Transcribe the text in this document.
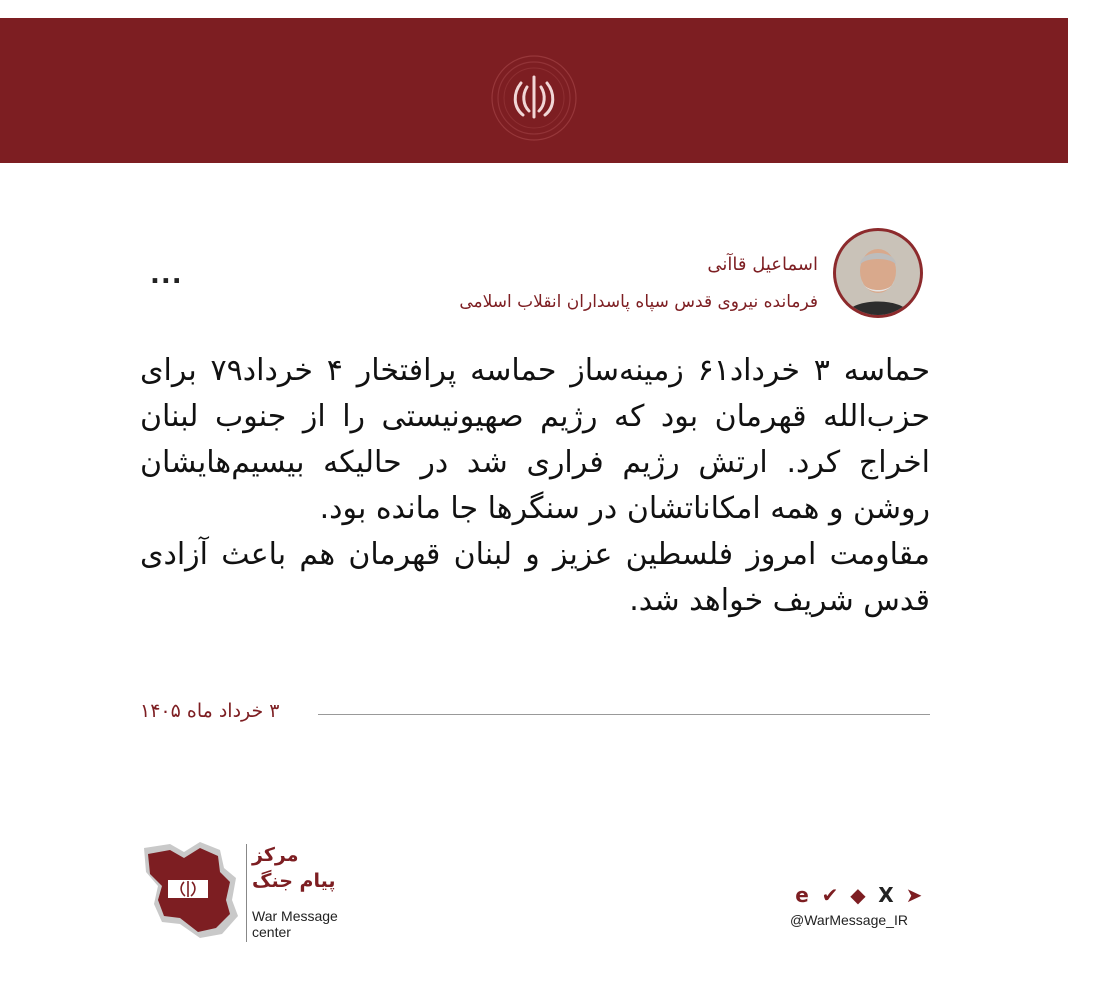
اسماعیل قاآنی
فرمانده نیروی قدس سپاه پاسداران انقلاب اسلامی
...

حماسه ۳ خرداد۶۱ زمینه‌ساز حماسه پرافتخار ۴ خرداد۷۹ برای حزب‌الله قهرمان بود که رژیم صهیونیستی را از جنوب لبنان اخراج کرد. ارتش رژیم فراری شد در حالیکه بیسیم‌هایشان روشن و همه امکاناتشان در سنگرها جا مانده بود.

مقاومت امروز فلسطین عزیز و لبنان قهرمان هم باعث آزادی قدس شریف خواهد شد.

۳ خرداد ماه ۱۴۰۵
مرکز
پیام جنگ
War Message
center
e ✔ ◆ X ➤
@WarMessage_IR
